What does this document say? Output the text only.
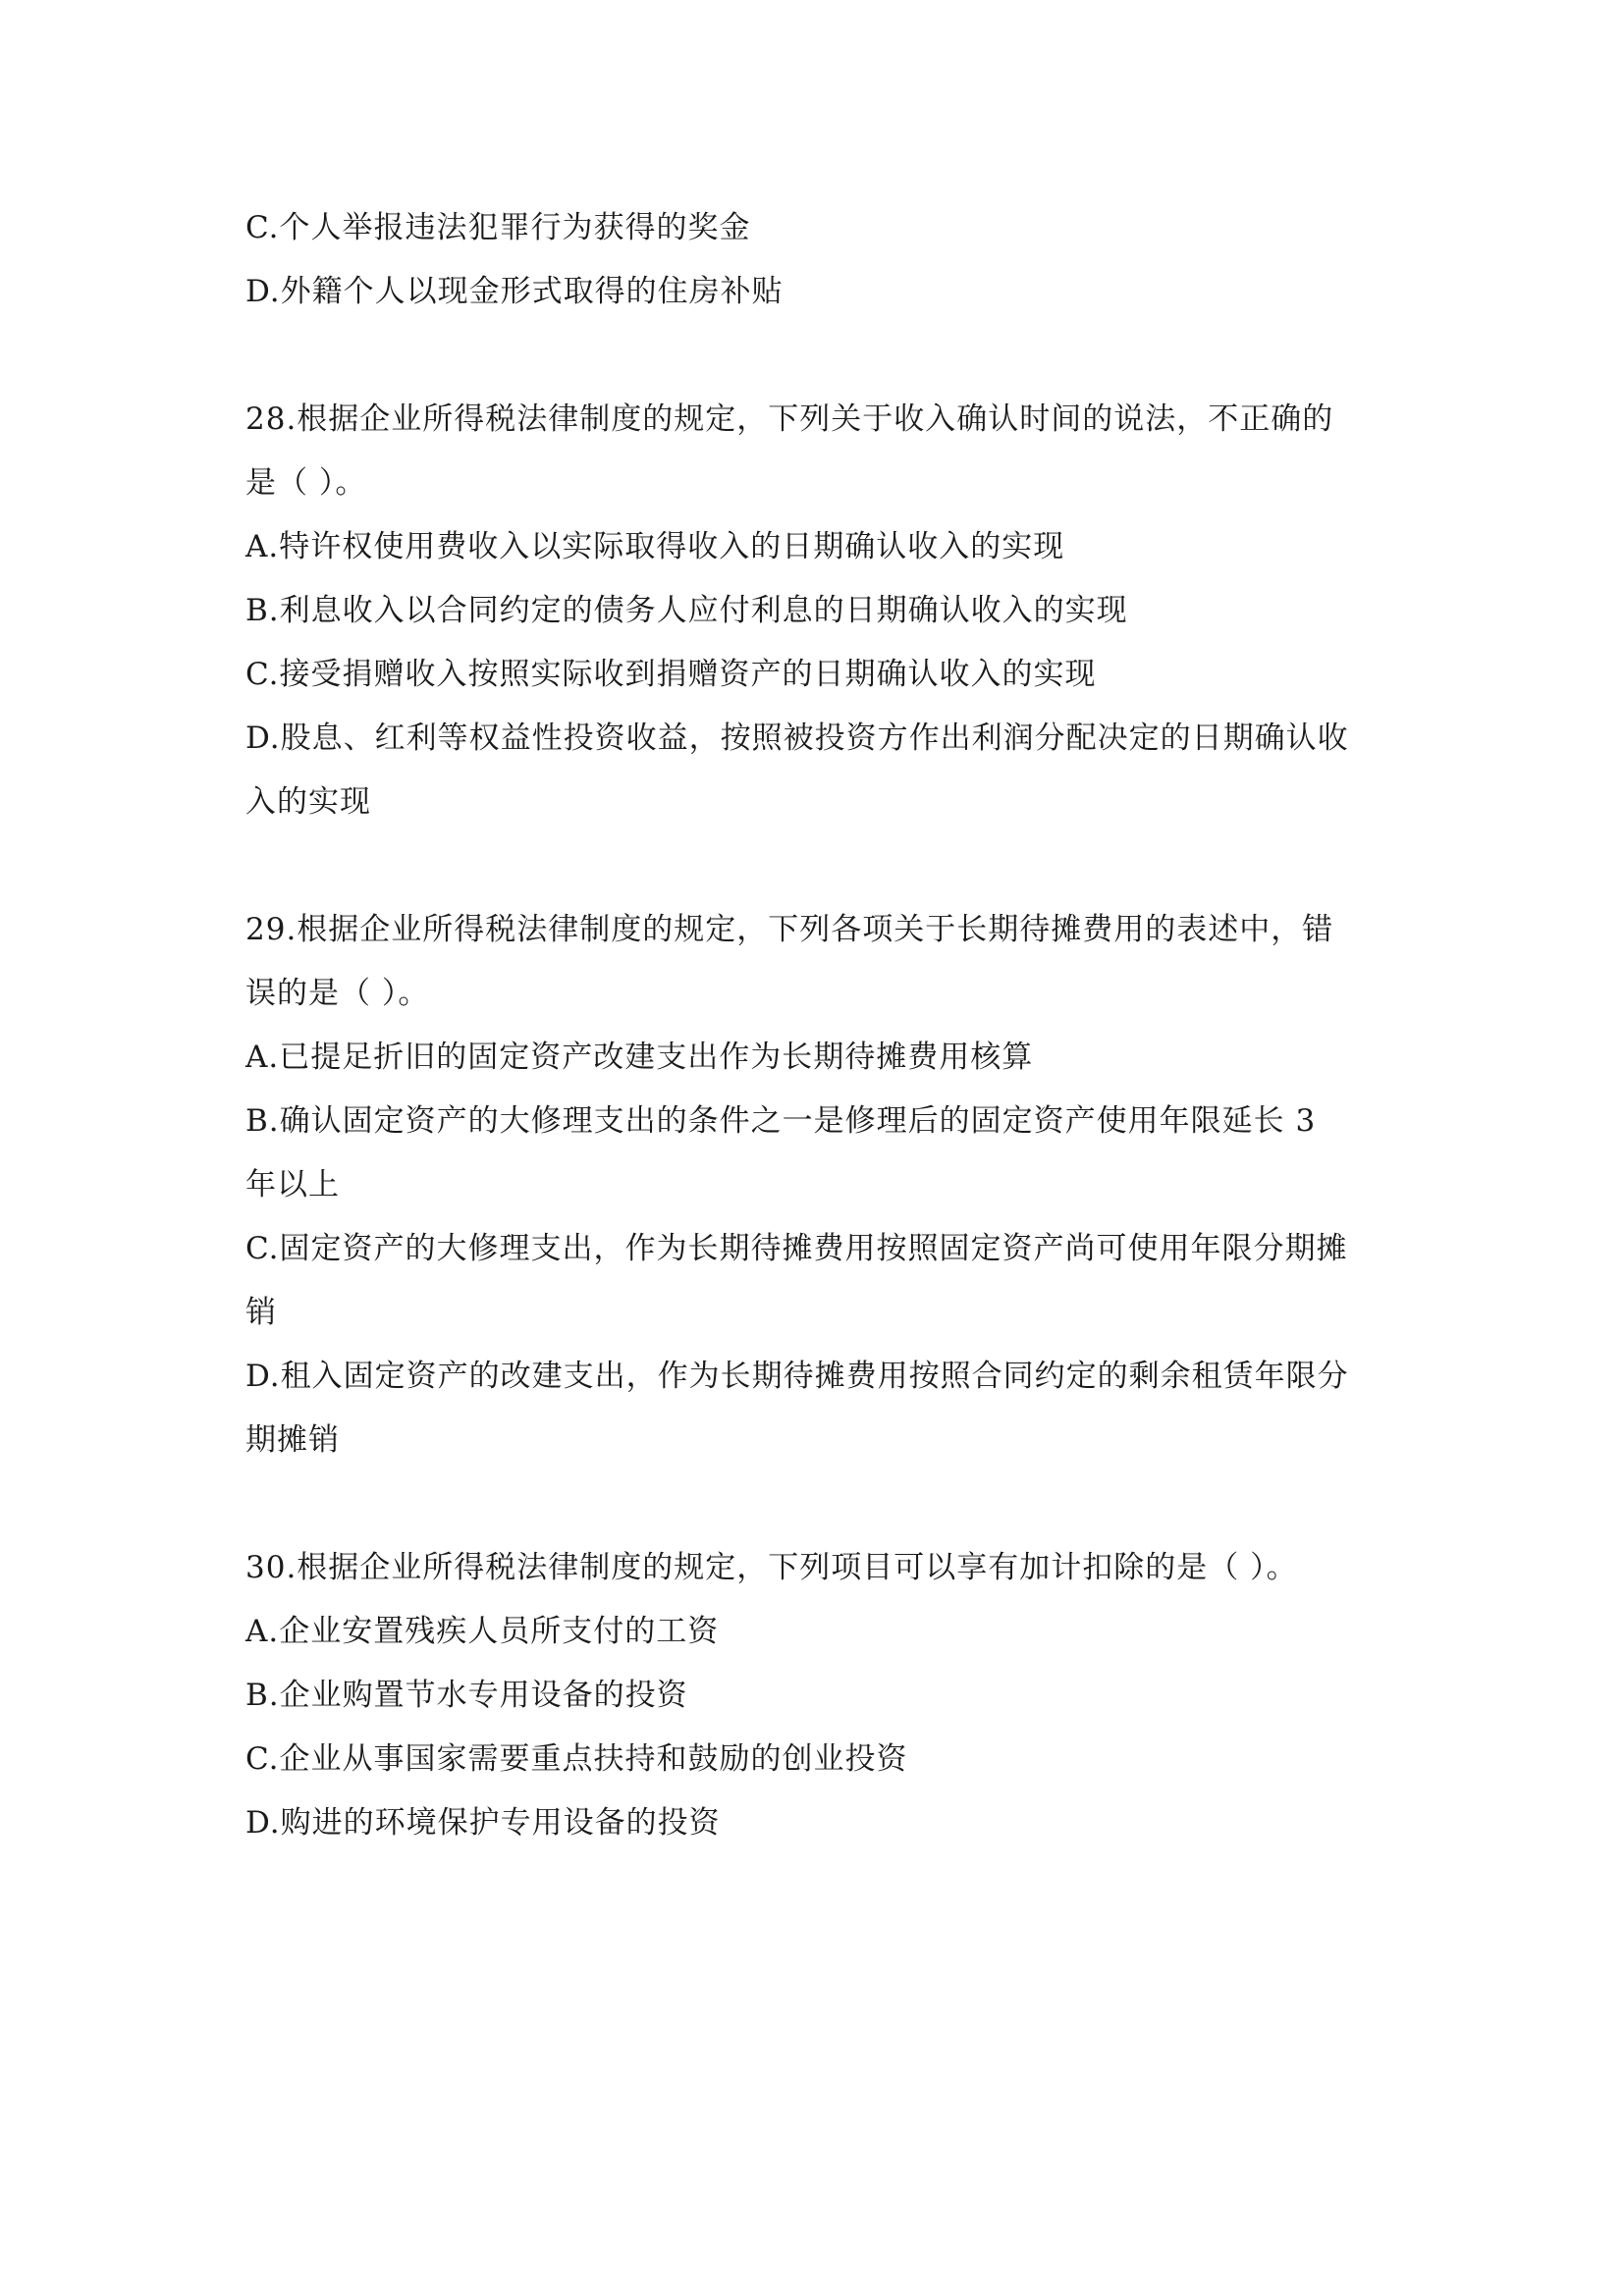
C.个人举报违法犯罪行为获得的奖金
D.外籍个人以现金形式取得的住房补贴
28.根据企业所得税法律制度的规定，下列关于收入确认时间的说法，不正确的
是（ ）。
A.特许权使用费收入以实际取得收入的日期确认收入的实现
B.利息收入以合同约定的债务人应付利息的日期确认收入的实现
C.接受捐赠收入按照实际收到捐赠资产的日期确认收入的实现
D.股息、红利等权益性投资收益，按照被投资方作出利润分配决定的日期确认收
入的实现
29.根据企业所得税法律制度的规定，下列各项关于长期待摊费用的表述中，错
误的是（ ）。
A.已提足折旧的固定资产改建支出作为长期待摊费用核算
B.确认固定资产的大修理支出的条件之一是修理后的固定资产使用年限延长 3
年以上
C.固定资产的大修理支出，作为长期待摊费用按照固定资产尚可使用年限分期摊
销
D.租入固定资产的改建支出，作为长期待摊费用按照合同约定的剩余租赁年限分
期摊销
30.根据企业所得税法律制度的规定，下列项目可以享有加计扣除的是（ ）。
A.企业安置残疾人员所支付的工资
B.企业购置节水专用设备的投资
C.企业从事国家需要重点扶持和鼓励的创业投资
D.购进的环境保护专用设备的投资
